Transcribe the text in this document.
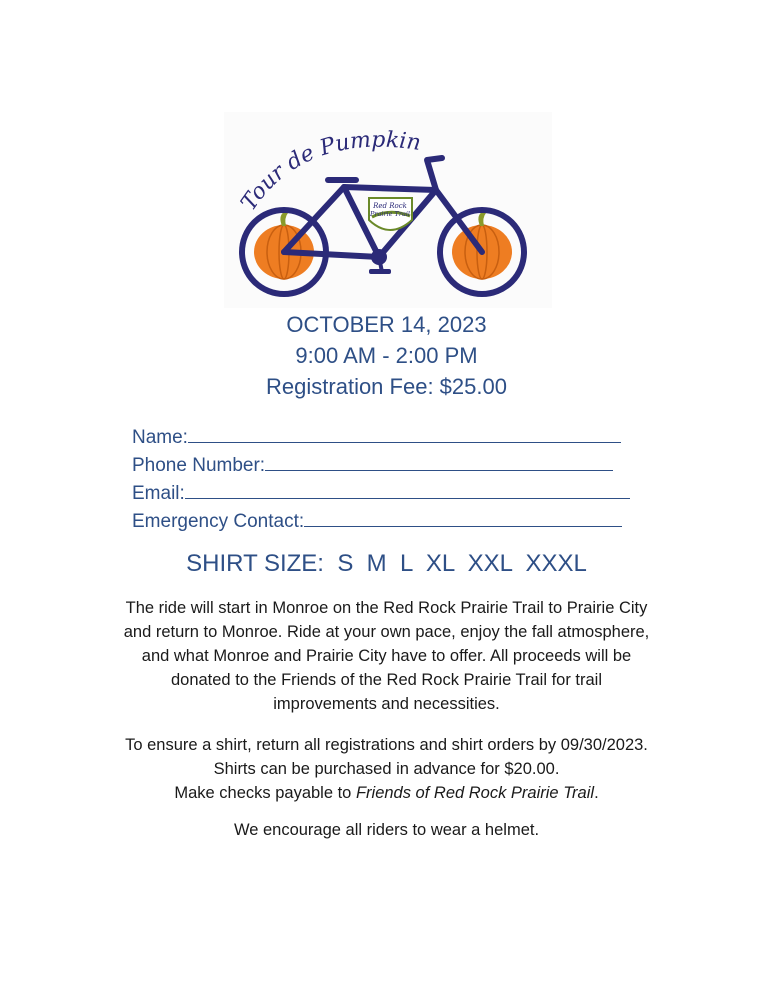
Tour de Pumpkin
Red Rock
Prairie Trail
OCTOBER 14, 2023
9:00 AM - 2:00 PM
Registration Fee: $25.00
Name:
Phone Number:
Email:
Emergency Contact:
SHIRT SIZE: S M L XL XXL XXXL
The ride will start in Monroe on the Red Rock Prairie Trail to Prairie City
and return to Monroe. Ride at your own pace, enjoy the fall atmosphere,
and what Monroe and Prairie City have to offer. All proceeds will be
donated to the Friends of the Red Rock Prairie Trail for trail
improvements and necessities.
To ensure a shirt, return all registrations and shirt orders by 09/30/2023.
Shirts can be purchased in advance for $20.00.
Make checks payable to Friends of Red Rock Prairie Trail.
We encourage all riders to wear a helmet.
